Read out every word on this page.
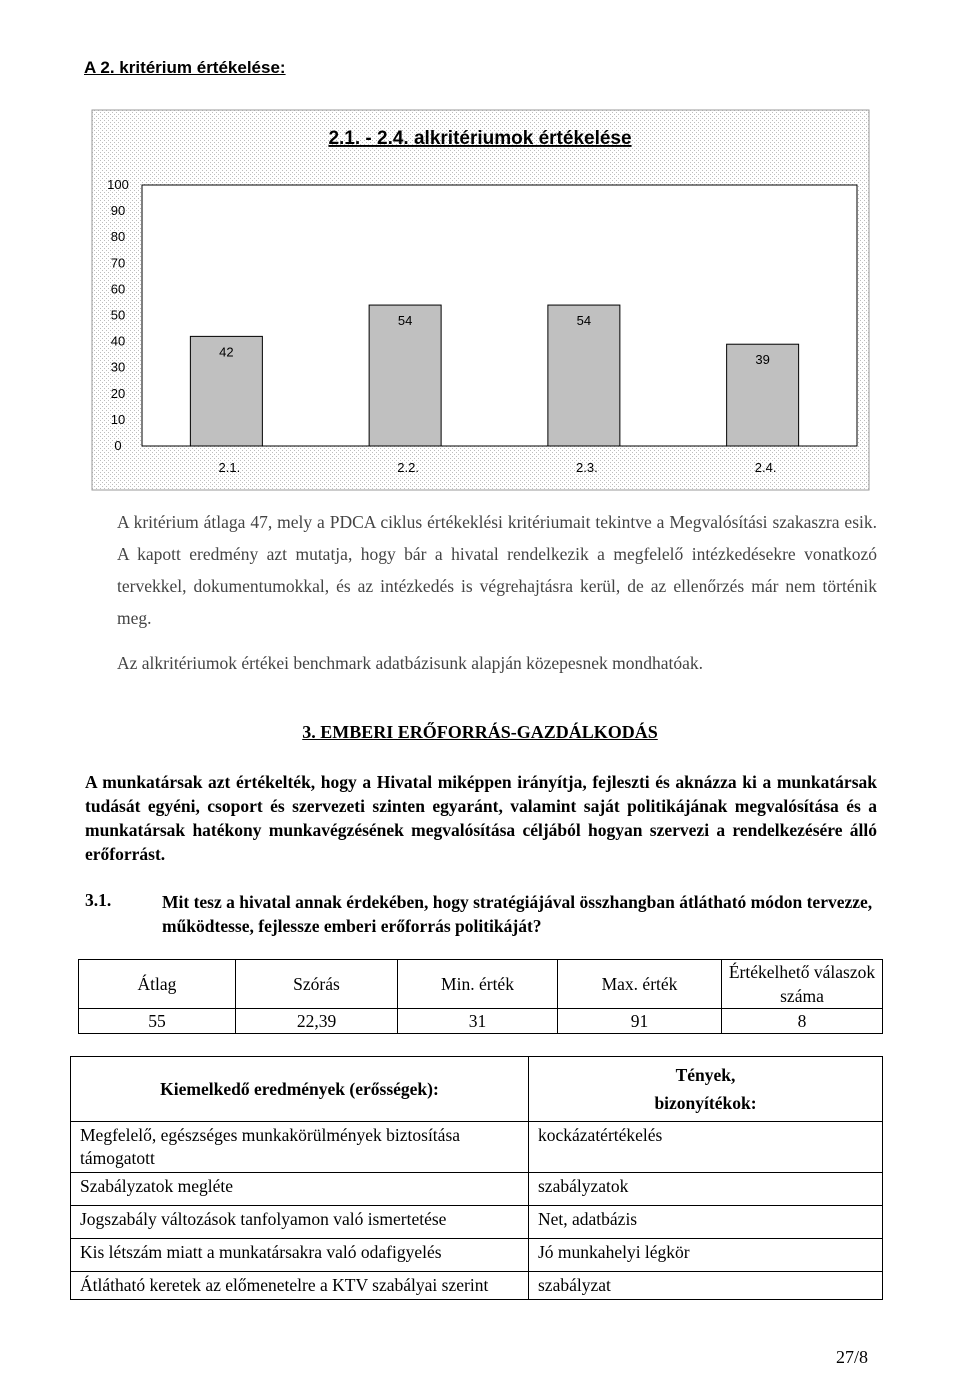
A 2. kritérium értékelése:

2.1. - 2.4. alkritériumok értékelése
100
90
80
70
60
50
40
30
20
10
0
42
54	54
39
2.1.	2.2.	2.3.	2.4.

A kritérium átlaga 47, mely a PDCA ciklus értékeklési kritériumait tekintve a Megvalósítási szakaszra esik. A kapott eredmény azt mutatja, hogy bár a hivatal rendelkezik a megfelelő intézkedésekre vonatkozó tervekkel, dokumentumokkal, és az intézkedés is végrehajtásra kerül, de az ellenőrzés már nem történik meg.

Az alkritériumok értékei benchmark adatbázisunk alapján közepesnek mondhatóak.

3. EMBERI ERŐFORRÁS-GAZDÁLKODÁS

A munkatársak azt értékelték, hogy a Hivatal miképpen irányítja, fejleszti és aknázza ki a munkatársak tudását egyéni, csoport és szervezeti szinten egyaránt, valamint saját politikájának megvalósítása és a munkatársak hatékony munkavégzésének megvalósítása céljából hogyan szervezi a rendelkezésére álló erőforrást.

3.1.	Mit tesz a hivatal annak érdekében, hogy stratégiájával összhangban átlátható módon tervezze, működtesse, fejlessze emberi erőforrás politikáját?

Átlag	Szórás	Min. érték	Max. érték	Értékelhető válaszok száma
55	22,39	31	91	8
Kiemelkedő eredmények (erősségek):	Tények, bizonyítékok:
Megfelelő, egészséges munkakörülmények biztosítása támogatott	kockázatértékelés
Szabályzatok megléte	szabályzatok
Jogszabály változások tanfolyamon való ismertetése	Net, adatbázis
Kis létszám miatt a munkatársakra való odafigyelés	Jó munkahelyi légkör
Átlátható keretek az előmenetelre a KTV szabályai szerint	szabályzat
27/8
